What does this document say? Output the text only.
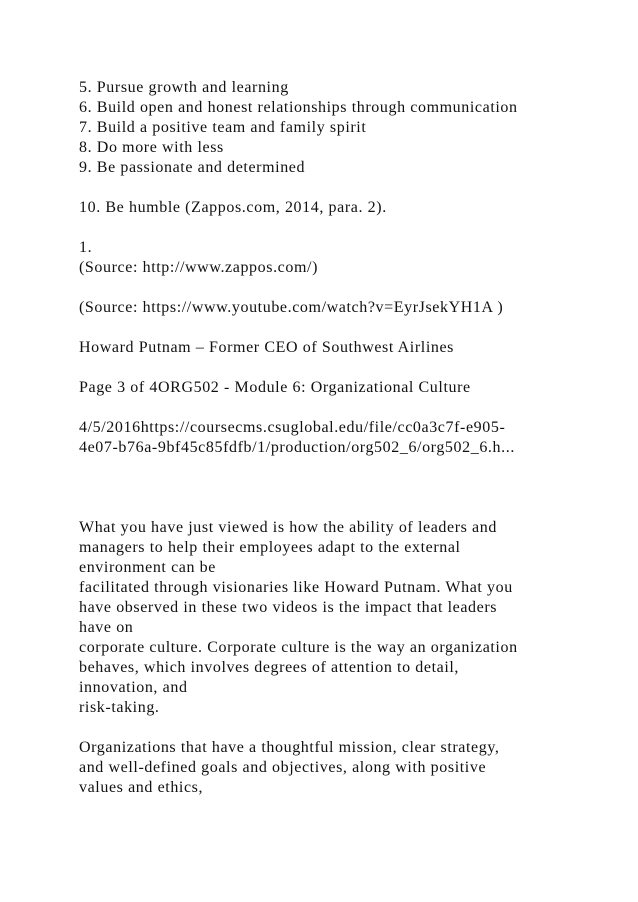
5. Pursue growth and learning
6. Build open and honest relationships through communication
7. Build a positive team and family spirit
8. Do more with less
9. Be passionate and determined
10. Be humble (Zappos.com, 2014, para. 2).
1.
(Source: http://www.zappos.com/)
(Source: https://www.youtube.com/watch?v=EyrJsekYH1A )
Howard Putnam – Former CEO of Southwest Airlines
Page 3 of 4ORG502 - Module 6: Organizational Culture
4/5/2016https://coursecms.csuglobal.edu/file/cc0a3c7f-e905-
4e07-b76a-9bf45c85fdfb/1/production/org502_6/org502_6.h...
What you have just viewed is how the ability of leaders and
managers to help their employees adapt to the external
environment can be
facilitated through visionaries like Howard Putnam. What you
have observed in these two videos is the impact that leaders
have on
corporate culture. Corporate culture is the way an organization
behaves, which involves degrees of attention to detail,
innovation, and
risk-taking.
Organizations that have a thoughtful mission, clear strategy,
and well-defined goals and objectives, along with positive
values and ethics,
